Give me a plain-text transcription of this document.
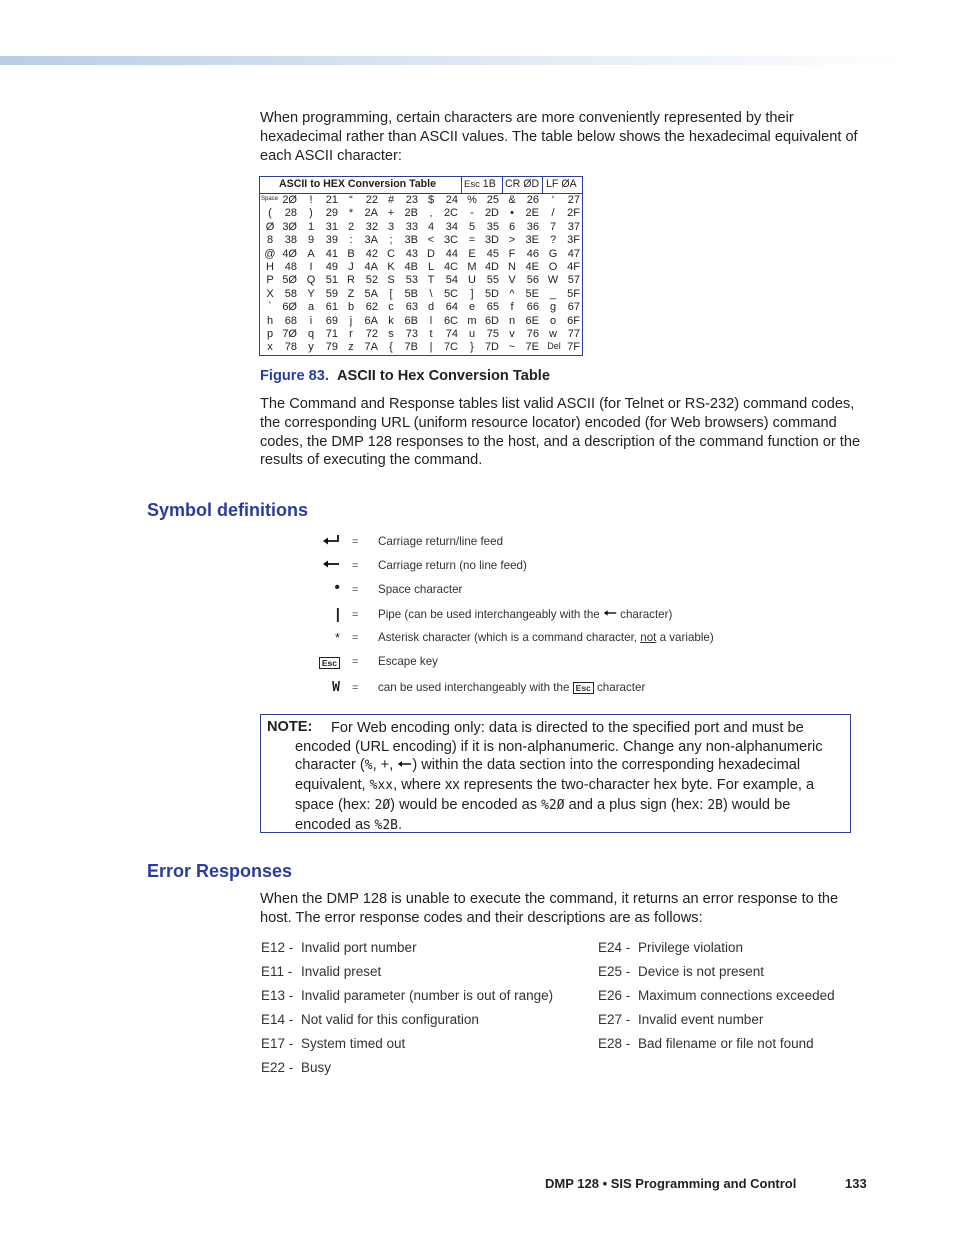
When programming, certain characters are more conveniently represented by their hexadecimal rather than ASCII values. The table below shows the hexadecimal equivalent of each ASCII character:

ASCII to HEX Conversion Table	Esc 1B CR ØD LF ØA
Space 2Ø	!	21	“	22 #	23 $	24 % 25 &	26	‘	27
(	28	)	29 *	2A + 2B	‚	2C	-	2D	•	2E	/	2F
Ø 3Ø 1	31 2	32 3	33 4	34 5	35 6	36 7	37
8	38 9	39	:	3A	;	3B < 3C = 3D > 3E ?	3F
@ 4Ø A	41 B	42 C 43 D 44 E	45 F	46 G 47
H 48	I	49 J 4A K 4B L 4C M 4D N 4E O 4F
P 5Ø Q 51 R 52 S	53 T	54 U 55 V	56 W 57
X	58 Y	59 Z 5A	[	5B	\	5C	]	5D ^ 5E _	5F
` 6Ø a	61 b	62 c	63 d	64 e	65	f	66 g	67
h	68	i	69	j	6A k 6B	l	6C m 6D n 6E o	6F
p 7Ø q	71	r	72 s	73	t	74 u	75 v	76 w 77
x	78	y	79 z 7A	{	7B	|	7C	}	7D ~ 7E Del 7F
Figure 83. ASCII to Hex Conversion Table

The Command and Response tables list valid ASCII (for Telnet or RS-232) command codes, the corresponding URL (uniform resource locator) encoded (for Web browsers) command codes, the DMP 128 responses to the host, and a description of the command function or the results of executing the command.

Symbol definitions
= Carriage return/line feed
= Carriage return (no line feed)
• = Space character
| = Pipe (can be used interchangeably with the  character)
* = Asterisk character (which is a command character, not a variable)
Esc = Escape key
W = can be used interchangeably with the Esc character
NOTE:	For Web encoding only: data is directed to the specified port and must be encoded (URL encoding) if it is non-alphanumeric. Change any non-alphanumeric character (%, +, ) within the data section into the corresponding hexadecimal equivalent, %xx, where xx represents the two-character hex byte. For example, a space (hex: 2Ø) would be encoded as %2Ø and a plus sign (hex: 2B) would be encoded as %2B.
Error Responses

When the DMP 128 is unable to execute the command, it returns an error response to the host. The error response codes and their descriptions are as follows:

E12 - Invalid port number
E11 - Invalid preset
E13 - Invalid parameter (number is out of range)
E14 - Not valid for this configuration
E17 - System timed out
E22 - Busy
E24 - Privilege violation
E25 - Device is not present
E26 - Maximum connections exceeded
E27 - Invalid event number
E28 - Bad filename or file not found
DMP 128 • SIS Programming and Control	133
